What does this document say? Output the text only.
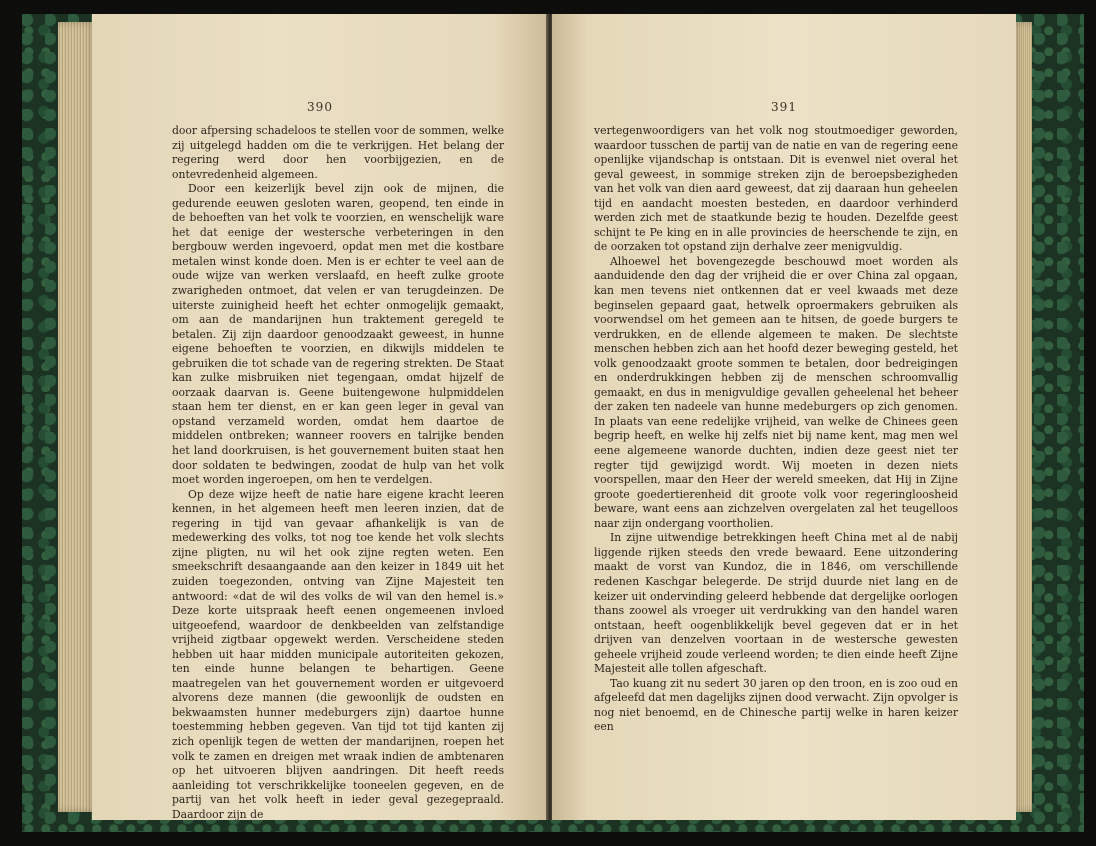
390

door afpersing schadeloos te stellen voor de sommen, welke zij uitgelegd hadden om die te verkrijgen. Het belang der regering werd door hen voorbijgezien, en de ontevredenheid algemeen.

Door een keizerlijk bevel zijn ook de mijnen, die gedurende eeuwen gesloten waren, geopend, ten einde in de behoeften van het volk te voorzien, en wenschelijk ware het dat eenige der westersche verbeteringen in den bergbouw werden ingevoerd, opdat men met die kostbare metalen winst konde doen. Men is er echter te veel aan de oude wijze van werken verslaafd, en heeft zulke groote zwarigheden ontmoet, dat velen er van terugdeinzen. De uiterste zuinigheid heeft het echter onmogelijk gemaakt, om aan de mandarijnen hun traktement geregeld te betalen. Zij zijn daardoor genoodzaakt geweest, in hunne eigene behoeften te voorzien, en dikwijls middelen te gebruiken die tot schade van de regering strekten. De Staat kan zulke misbruiken niet tegengaan, omdat hijzelf de oorzaak daarvan is. Geene buitengewone hulpmiddelen staan hem ter dienst, en er kan geen leger in geval van opstand verzameld worden, omdat hem daartoe de middelen ontbreken; wanneer roovers en talrijke benden het land doorkruisen, is het gouvernement buiten staat hen door soldaten te bedwingen, zoodat de hulp van het volk moet worden ingeroepen, om hen te verdelgen.

Op deze wijze heeft de natie hare eigene kracht leeren kennen, in het algemeen heeft men leeren inzien, dat de regering in tijd van gevaar afhankelijk is van de medewerking des volks, tot nog toe kende het volk slechts zijne pligten, nu wil het ook zijne regten weten. Een smeekschrift desaangaande aan den keizer in 1849 uit het zuiden toegezonden, ontving van Zijne Majesteit ten antwoord: «dat de wil des volks de wil van den hemel is.» Deze korte uitspraak heeft eenen ongemeenen invloed uitgeoefend, waardoor de denkbeelden van zelfstandige vrijheid zigtbaar opgewekt werden. Verscheidene steden hebben uit haar midden municipale autoriteiten gekozen, ten einde hunne belangen te behartigen. Geene maatregelen van het gouvernement worden er uitgevoerd alvorens deze mannen (die gewoonlijk de oudsten en bekwaamsten hunner medeburgers zijn) daartoe hunne toestemming hebben gegeven. Van tijd tot tijd kanten zij zich openlijk tegen de wetten der mandarijnen, roepen het volk te zamen en dreigen met wraak indien de ambtenaren op het uitvoeren blijven aandringen. Dit heeft reeds aanleiding tot verschrikkelijke tooneelen gegeven, en de partij van het volk heeft in ieder geval gezegepraald. Daardoor zijn de

391

vertegenwoordigers van het volk nog stoutmoediger geworden, waardoor tusschen de partij van de natie en van de regering eene openlijke vijandschap is ontstaan. Dit is evenwel niet overal het geval geweest, in sommige streken zijn de beroepsbezigheden van het volk van dien aard geweest, dat zij daaraan hun geheelen tijd en aandacht moesten besteden, en daardoor verhinderd werden zich met de staatkunde bezig te houden. Dezelfde geest schijnt te Pe king en in alle provincies de heerschende te zijn, en de oorzaken tot opstand zijn derhalve zeer menigvuldig.

Alhoewel het bovengezegde beschouwd moet worden als aanduidende den dag der vrijheid die er over China zal opgaan, kan men tevens niet ontkennen dat er veel kwaads met deze beginselen gepaard gaat, hetwelk oproermakers gebruiken als voorwendsel om het gemeen aan te hitsen, de goede burgers te verdrukken, en de ellende algemeen te maken. De slechtste menschen hebben zich aan het hoofd dezer beweging gesteld, het volk genoodzaakt groote sommen te betalen, door bedreigingen en onderdrukkingen hebben zij de menschen schroomvallig gemaakt, en dus in menigvuldige gevallen geheelenal het beheer der zaken ten nadeele van hunne medeburgers op zich genomen. In plaats van eene redelijke vrijheid, van welke de Chinees geen begrip heeft, en welke hij zelfs niet bij name kent, mag men wel eene algemeene wanorde duchten, indien deze geest niet ter regter tijd gewijzigd wordt. Wij moeten in dezen niets voorspellen, maar den Heer der wereld smeeken, dat Hij in Zijne groote goedertierenheid dit groote volk voor regeringloosheid beware, want eens aan zichzelven overgelaten zal het teugelloos naar zijn ondergang voortholien.

In zijne uitwendige betrekkingen heeft China met al de nabij liggende rijken steeds den vrede bewaard. Eene uitzondering maakt de vorst van Kundoz, die in 1846, om verschillende redenen Kaschgar belegerde. De strijd duurde niet lang en de keizer uit ondervinding geleerd hebbende dat dergelijke oorlogen thans zoowel als vroeger uit verdrukking van den handel waren ontstaan, heeft oogenblikkelijk bevel gegeven dat er in het drijven van denzelven voortaan in de westersche gewesten geheele vrijheid zoude verleend worden; te dien einde heeft Zijne Majesteit alle tollen afgeschaft.

Tao kuang zit nu sedert 30 jaren op den troon, en is zoo oud en afgeleefd dat men dagelijks zijnen dood verwacht. Zijn opvolger is nog niet benoemd, en de Chinesche partij welke in haren keizer een
